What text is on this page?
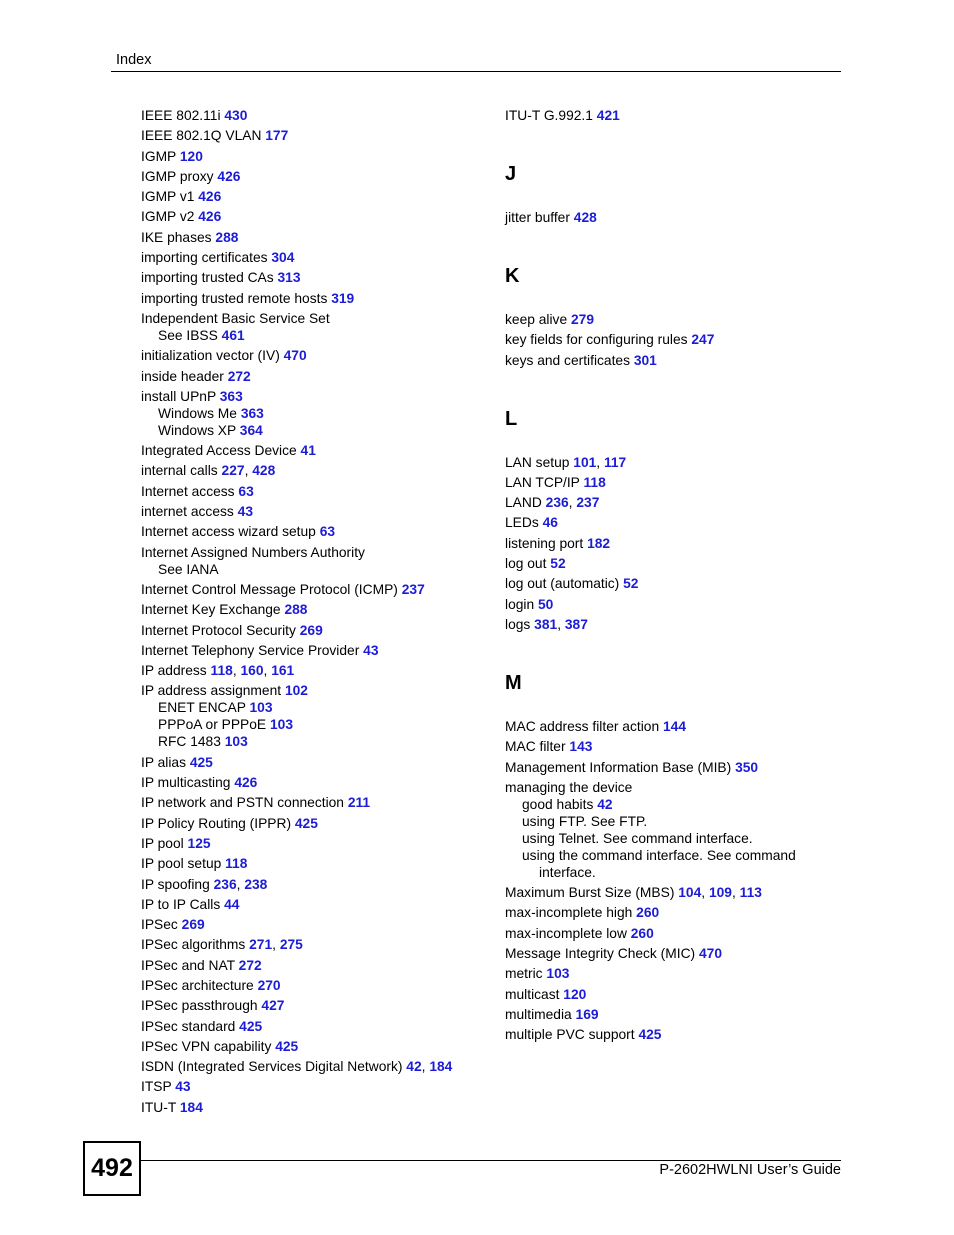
Index
IEEE 802.11i 430
IEEE 802.1Q VLAN 177
IGMP 120
IGMP proxy 426
IGMP v1 426
IGMP v2 426
IKE phases 288
importing certificates 304
importing trusted CAs 313
importing trusted remote hosts 319
Independent Basic Service Set
See IBSS 461
initialization vector (IV) 470
inside header 272
install UPnP 363
Windows Me 363
Windows XP 364
Integrated Access Device 41
internal calls 227, 428
Internet access 63
internet access 43
Internet access wizard setup 63
Internet Assigned Numbers Authority
See IANA
Internet Control Message Protocol (ICMP) 237
Internet Key Exchange 288
Internet Protocol Security 269
Internet Telephony Service Provider 43
IP address 118, 160, 161
IP address assignment 102
ENET ENCAP 103
PPPoA or PPPoE 103
RFC 1483 103
IP alias 425
IP multicasting 426
IP network and PSTN connection 211
IP Policy Routing (IPPR) 425
IP pool 125
IP pool setup 118
IP spoofing 236, 238
IP to IP Calls 44
IPSec 269
IPSec algorithms 271, 275
IPSec and NAT 272
IPSec architecture 270
IPSec passthrough 427
IPSec standard 425
IPSec VPN capability 425
ISDN (Integrated Services Digital Network) 42, 184
ITSP 43
ITU-T 184
ITU-T G.992.1 421
J
jitter buffer 428
K
keep alive 279
key fields for configuring rules 247
keys and certificates 301
L
LAN setup 101, 117
LAN TCP/IP 118
LAND 236, 237
LEDs 46
listening port 182
log out 52
log out (automatic) 52
login 50
logs 381, 387
M
MAC address filter action 144
MAC filter 143
Management Information Base (MIB) 350
managing the device
good habits 42
using FTP. See FTP.
using Telnet. See command interface.
using the command interface. See command
interface.
Maximum Burst Size (MBS) 104, 109, 113
max-incomplete high 260
max-incomplete low 260
Message Integrity Check (MIC) 470
metric 103
multicast 120
multimedia 169
multiple PVC support 425
492	P-2602HWLNI User’s Guide
